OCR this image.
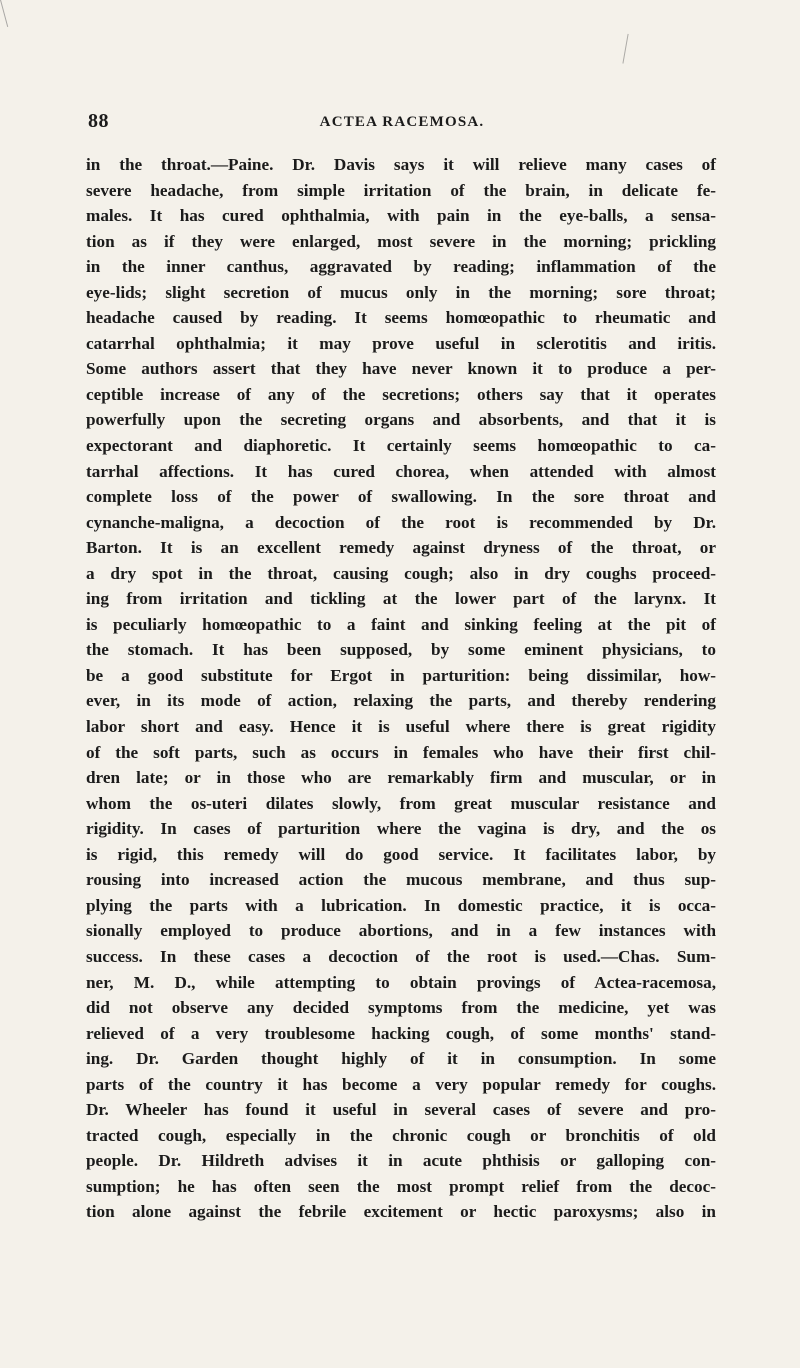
88	ACTEA RACEMOSA.
in the throat.—Paine. Dr. Davis says it will relieve many cases of
severe headache, from simple irritation of the brain, in delicate fe-
males. It has cured ophthalmia, with pain in the eye-balls, a sensa-
tion as if they were enlarged, most severe in the morning; prickling
in the inner canthus, aggravated by reading; inflammation of the
eye-lids; slight secretion of mucus only in the morning; sore throat;
headache caused by reading. It seems homœopathic to rheumatic and
catarrhal ophthalmia; it may prove useful in sclerotitis and iritis.
Some authors assert that they have never known it to produce a per-
ceptible increase of any of the secretions; others say that it operates
powerfully upon the secreting organs and absorbents, and that it is
expectorant and diaphoretic. It certainly seems homœopathic to ca-
tarrhal affections. It has cured chorea, when attended with almost
complete loss of the power of swallowing. In the sore throat and
cynanche-maligna, a decoction of the root is recommended by Dr.
Barton. It is an excellent remedy against dryness of the throat, or
a dry spot in the throat, causing cough; also in dry coughs proceed-
ing from irritation and tickling at the lower part of the larynx. It
is peculiarly homœopathic to a faint and sinking feeling at the pit of
the stomach. It has been supposed, by some eminent physicians, to
be a good substitute for Ergot in parturition: being dissimilar, how-
ever, in its mode of action, relaxing the parts, and thereby rendering
labor short and easy. Hence it is useful where there is great rigidity
of the soft parts, such as occurs in females who have their first chil-
dren late; or in those who are remarkably firm and muscular, or in
whom the os-uteri dilates slowly, from great muscular resistance and
rigidity. In cases of parturition where the vagina is dry, and the os
is rigid, this remedy will do good service. It facilitates labor, by
rousing into increased action the mucous membrane, and thus sup-
plying the parts with a lubrication. In domestic practice, it is occa-
sionally employed to produce abortions, and in a few instances with
success. In these cases a decoction of the root is used.—Chas. Sum-
ner, M. D., while attempting to obtain provings of Actea-racemosa,
did not observe any decided symptoms from the medicine, yet was
relieved of a very troublesome hacking cough, of some months' stand-
ing. Dr. Garden thought highly of it in consumption. In some
parts of the country it has become a very popular remedy for coughs.
Dr. Wheeler has found it useful in several cases of severe and pro-
tracted cough, especially in the chronic cough or bronchitis of old
people. Dr. Hildreth advises it in acute phthisis or galloping con-
sumption; he has often seen the most prompt relief from the decoc-
tion alone against the febrile excitement or hectic paroxysms; also in
